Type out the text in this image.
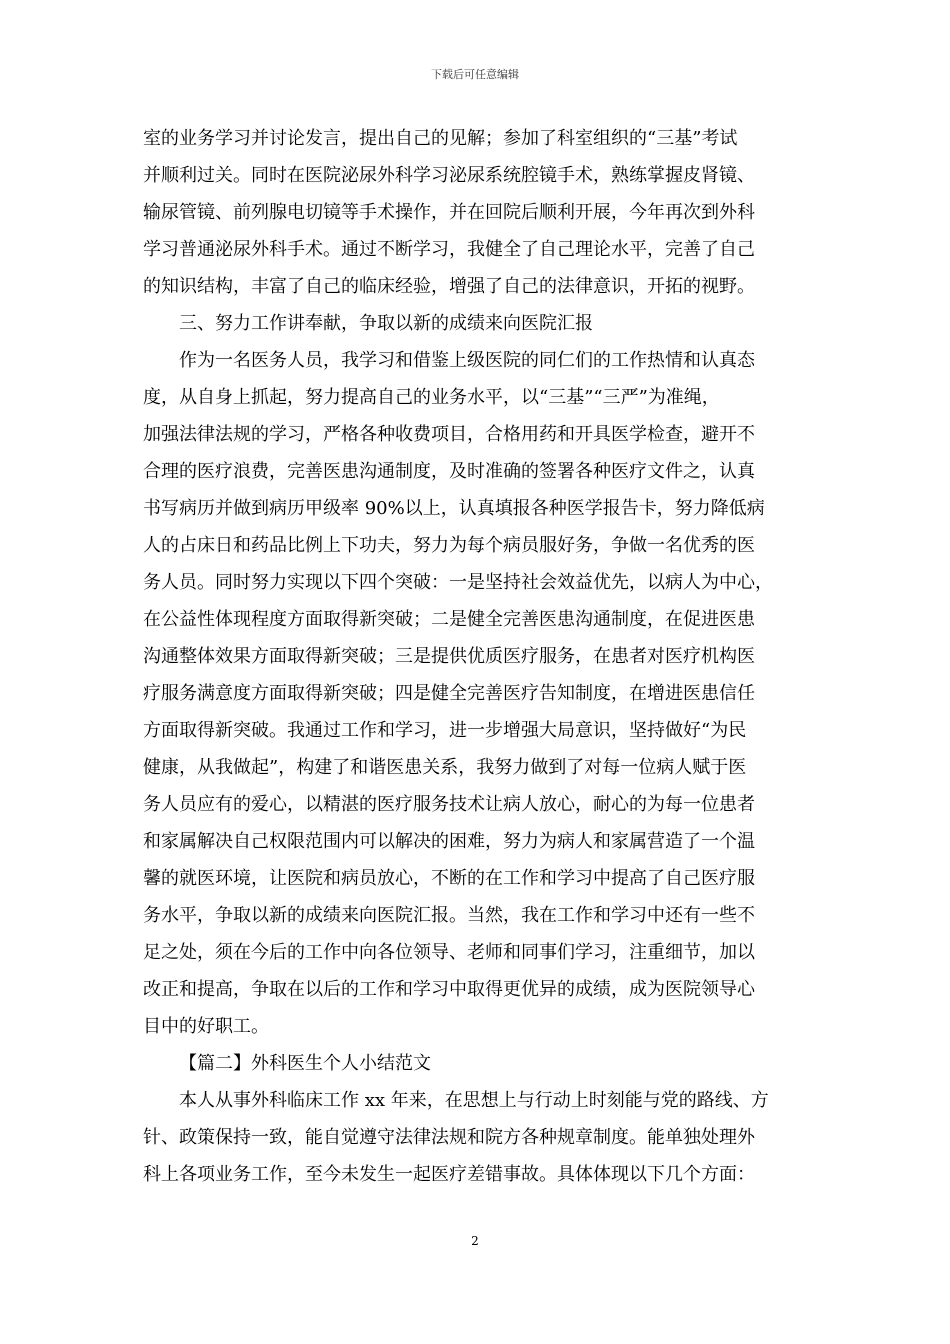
下载后可任意编辑
室的业务学习并讨论发言，提出自己的见解；参加了科室组织的“三基”考试
并顺利过关。同时在医院泌尿外科学习泌尿系统腔镜手术，熟练掌握皮肾镜、
输尿管镜、前列腺电切镜等手术操作，并在回院后顺利开展，今年再次到外科
学习普通泌尿外科手术。通过不断学习，我健全了自己理论水平，完善了自己
的知识结构，丰富了自己的临床经验，增强了自己的法律意识，开拓的视野。
三、努力工作讲奉献，争取以新的成绩来向医院汇报
作为一名医务人员，我学习和借鉴上级医院的同仁们的工作热情和认真态
度，从自身上抓起，努力提高自己的业务水平，以“三基”“三严”为准绳，
加强法律法规的学习，严格各种收费项目，合格用药和开具医学检查，避开不
合理的医疗浪费，完善医患沟通制度，及时准确的签署各种医疗文件之，认真
书写病历并做到病历甲级率 90%以上，认真填报各种医学报告卡，努力降低病
人的占床日和药品比例上下功夫，努力为每个病员服好务，争做一名优秀的医
务人员。同时努力实现以下四个突破：一是坚持社会效益优先，以病人为中心，
在公益性体现程度方面取得新突破；二是健全完善医患沟通制度，在促进医患
沟通整体效果方面取得新突破；三是提供优质医疗服务，在患者对医疗机构医
疗服务满意度方面取得新突破；四是健全完善医疗告知制度，在增进医患信任
方面取得新突破。我通过工作和学习，进一步增强大局意识，坚持做好“为民
健康，从我做起”，构建了和谐医患关系，我努力做到了对每一位病人赋于医
务人员应有的爱心，以精湛的医疗服务技术让病人放心，耐心的为每一位患者
和家属解决自己权限范围内可以解决的困难，努力为病人和家属营造了一个温
馨的就医环境，让医院和病员放心，不断的在工作和学习中提高了自己医疗服
务水平，争取以新的成绩来向医院汇报。当然，我在工作和学习中还有一些不
足之处，须在今后的工作中向各位领导、老师和同事们学习，注重细节，加以
改正和提高，争取在以后的工作和学习中取得更优异的成绩，成为医院领导心
目中的好职工。
【篇二】外科医生个人小结范文
本人从事外科临床工作 xx 年来，在思想上与行动上时刻能与党的路线、方
针、政策保持一致，能自觉遵守法律法规和院方各种规章制度。能单独处理外
科上各项业务工作，至今未发生一起医疗差错事故。具体体现以下几个方面：
2
